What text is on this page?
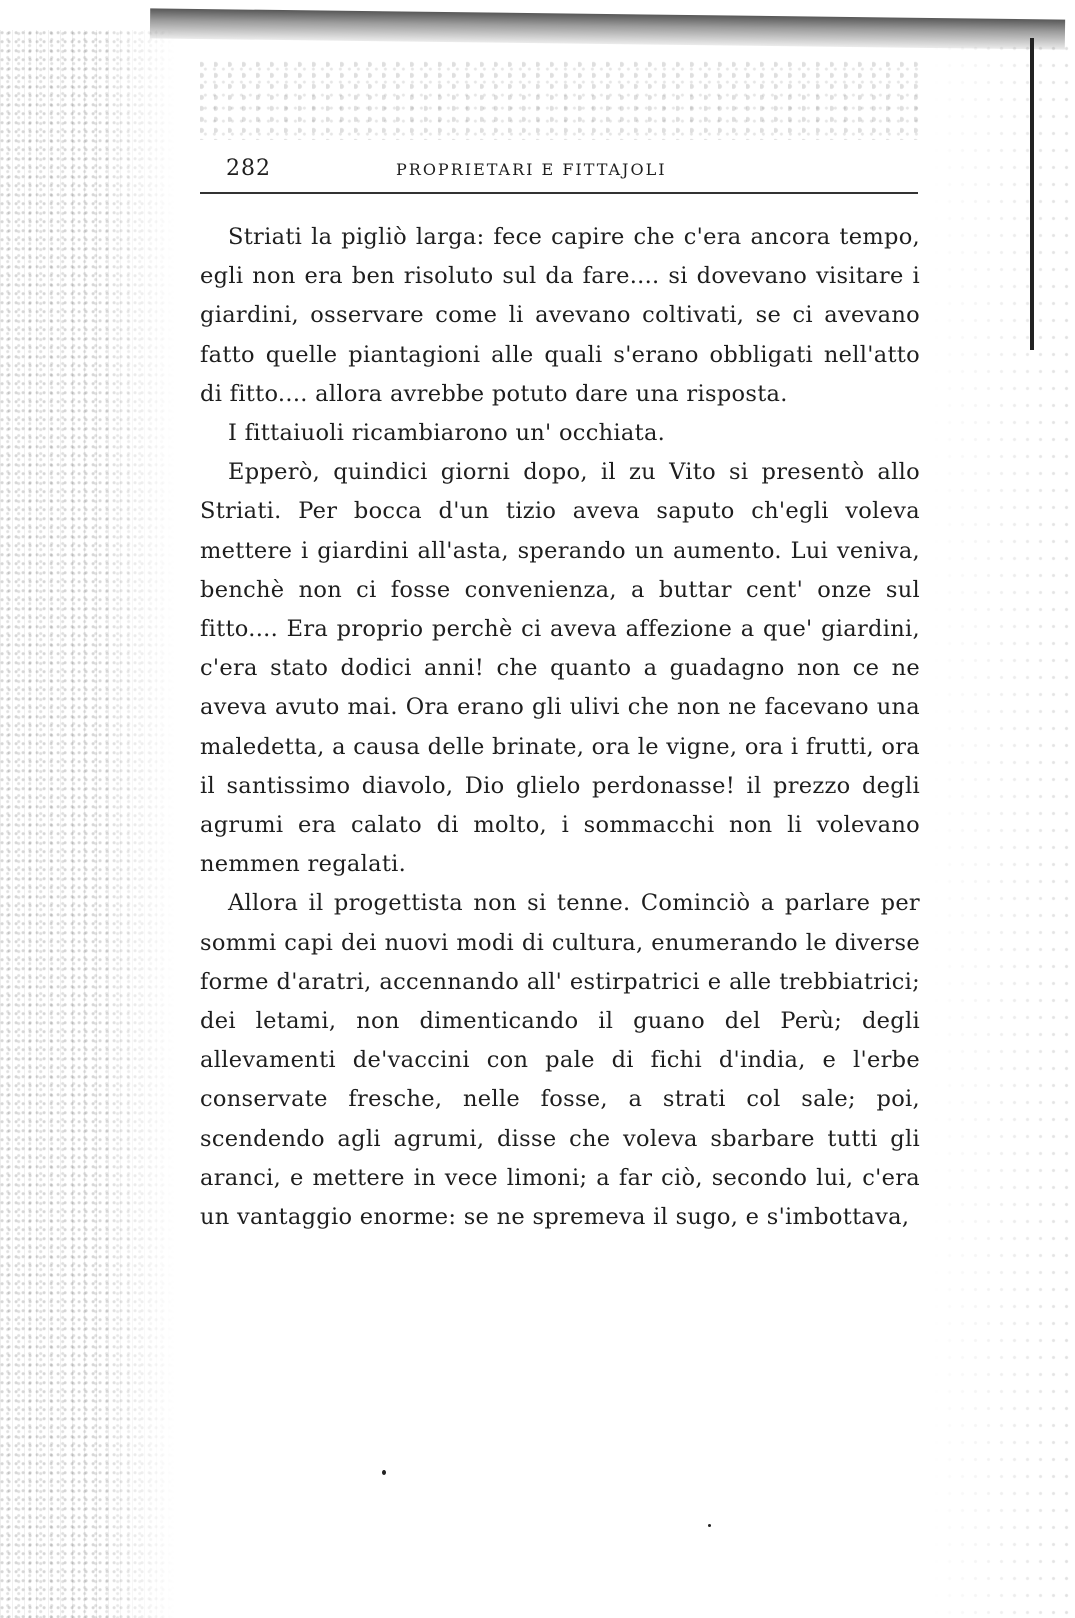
282	PROPRIETARI E FITTAJOLI

Striati la pigliò larga: fece capire che c'era ancora tempo, egli non era ben risoluto sul da fare.... si dovevano visitare i giardini, osservare come li avevano coltivati, se ci avevano fatto quelle piantagioni alle quali s'erano obbligati nell'atto di fitto.... allora avrebbe potuto dare una risposta.

I fittaiuoli ricambiarono un' occhiata.

Epperò, quindici giorni dopo, il zu Vito si presentò allo Striati. Per bocca d'un tizio aveva saputo ch'egli voleva mettere i giardini all'asta, sperando un aumento. Lui veniva, benchè non ci fosse convenienza, a buttar cent' onze sul fitto.... Era proprio perchè ci aveva affezione a que' giardini, c'era stato dodici anni! che quanto a guadagno non ce ne aveva avuto mai. Ora erano gli ulivi che non ne facevano una maledetta, a causa delle brinate, ora le vigne, ora i frutti, ora il santissimo diavolo, Dio glielo perdonasse! il prezzo degli agrumi era calato di molto, i sommacchi non li volevano nemmen regalati.

Allora il progettista non si tenne. Cominciò a parlare per sommi capi dei nuovi modi di cultura, enumerando le diverse forme d'aratri, accennando all' estirpatrici e alle trebbiatrici; dei letami, non dimenticando il guano del Perù; degli allevamenti de'vaccini con pale di fichi d'india, e l'erbe conservate fresche, nelle fosse, a strati col sale; poi, scendendo agli agrumi, disse che voleva sbarbare tutti gli aranci, e mettere in vece limoni; a far ciò, secondo lui, c'era un vantaggio enorme: se ne spremeva il sugo, e s'imbottava,
